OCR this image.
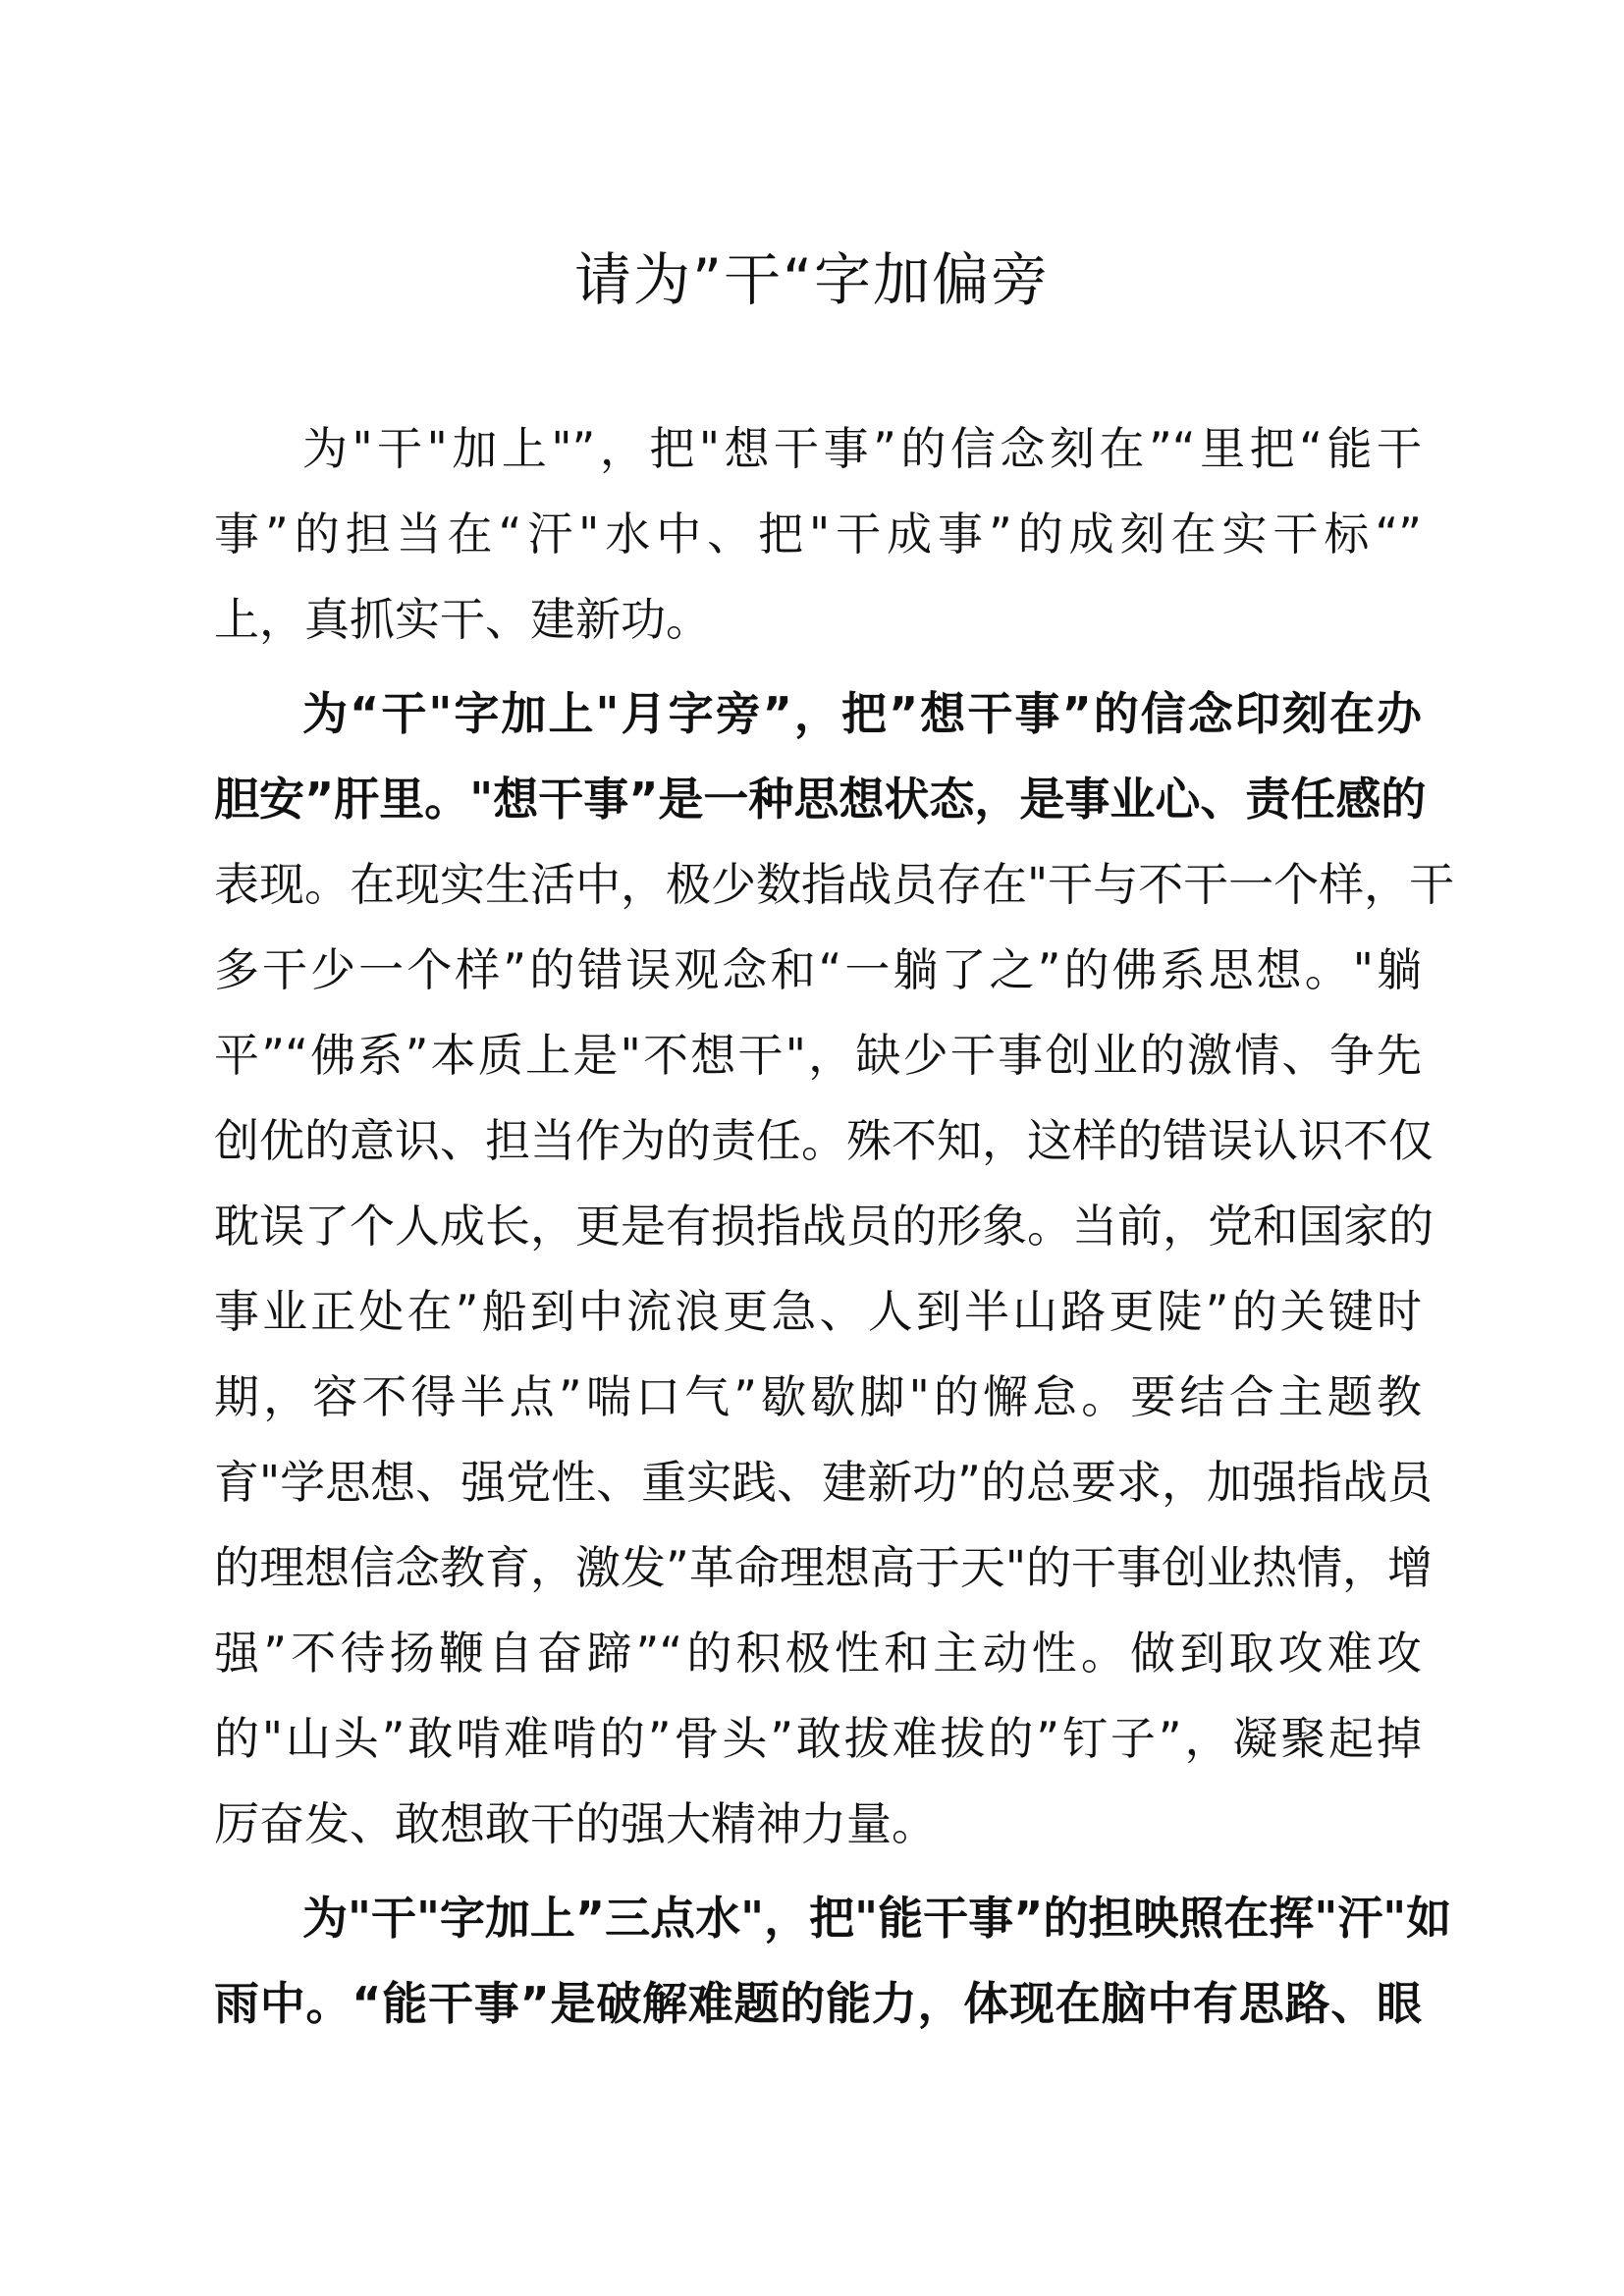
请为”干“字加偏旁
为"干"加上"”，把"想干事”的信念刻在”“里把“能干
事”的担当在“汗"水中、把"干成事”的成刻在实干标“”
上，真抓实干、建新功。
为“干"字加上"月字旁”，把”想干事”的信念印刻在办
胆安”肝里。"想干事”是一种思想状态，是事业心、责任感的
表现。在现实生活中，极少数指战员存在"干与不干一个样，干
多干少一个样”的错误观念和“一躺了之”的佛系思想。"躺
平”“佛系”本质上是"不想干"，缺少干事创业的激情、争先
创优的意识、担当作为的责任。殊不知，这样的错误认识不仅
耽误了个人成长，更是有损指战员的形象。当前，党和国家的
事业正处在”船到中流浪更急、人到半山路更陡”的关键时
期，容不得半点”喘口气”歇歇脚"的懈怠。要结合主题教
育"学思想、强党性、重实践、建新功”的总要求，加强指战员
的理想信念教育，激发”革命理想高于天"的干事创业热情，增
强”不待扬鞭自奋蹄”“的积极性和主动性。做到取攻难攻
的"山头”敢啃难啃的”骨头”敢拔难拔的”钉子”，凝聚起掉
厉奋发、敢想敢干的强大精神力量。
为"干"字加上”三点水"，把"能干事”的担映照在挥"汗"如
雨中。“能干事”是破解难题的能力，体现在脑中有思路、眼
